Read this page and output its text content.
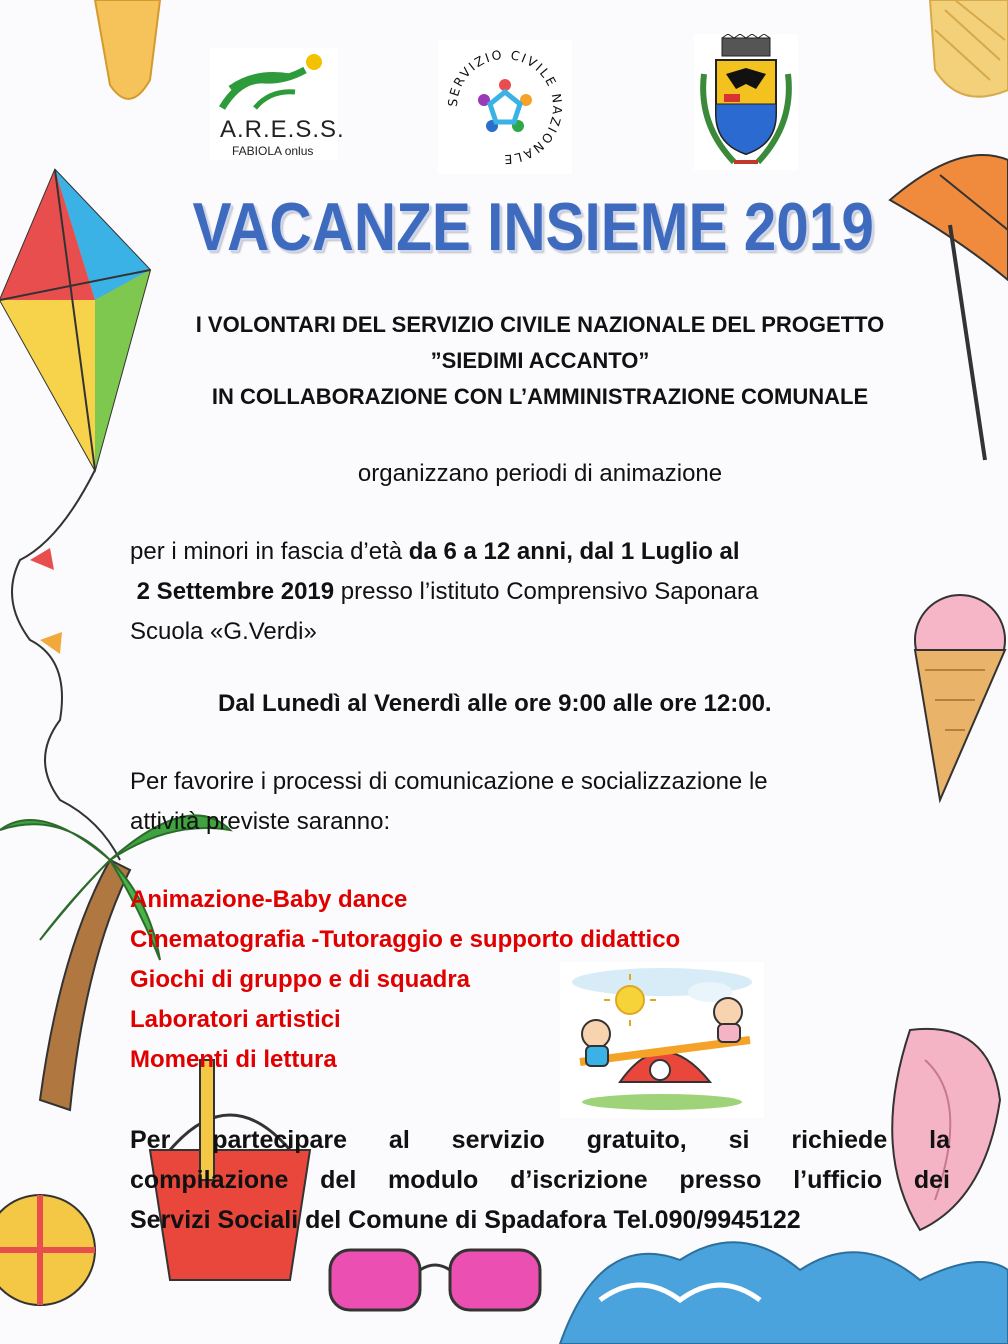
A.R.E.S.S.
FABIOLA onlus
SERVIZIO CIVILE NAZIONALE
VACANZE INSIEME 2019
I VOLONTARI DEL SERVIZIO CIVILE NAZIONALE DEL PROGETTO
”SIEDIMI ACCANTO”
IN COLLABORAZIONE CON L’AMMINISTRAZIONE COMUNALE
organizzano periodi di animazione
per i minori in fascia d’età da 6 a 12 anni, dal 1 Luglio al
2 Settembre 2019 presso l’istituto Comprensivo Saponara
Scuola «G.Verdi»
Dal Lunedì al Venerdì alle ore 9:00 alle ore 12:00.
Per favorire i processi di comunicazione e socializzazione le
attività previste saranno:
Animazione-Baby dance
Cinematografia -Tutoraggio e supporto didattico
Giochi di gruppo e di squadra
Laboratori artistici
Momenti di lettura
Per partecipare al servizio gratuito, si richiede la
compilazione del modulo d’iscrizione presso l’ufficio dei
Servizi Sociali del Comune di Spadafora Tel.090/9945122
